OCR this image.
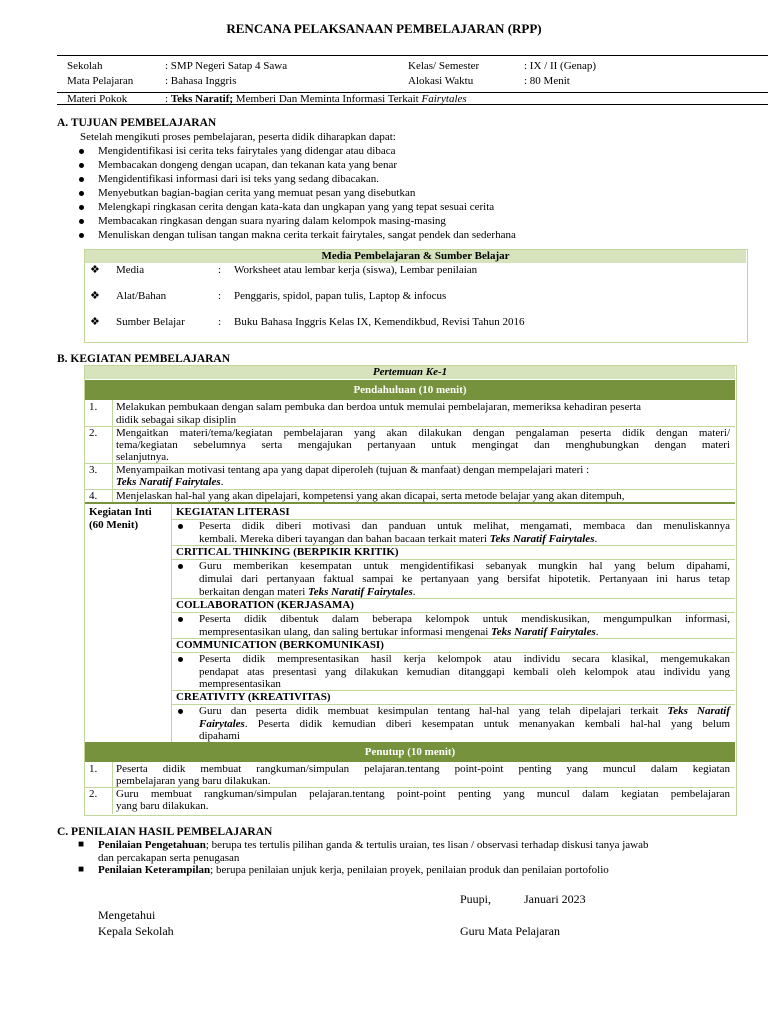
RENCANA PELAKSANAAN PEMBELAJARAN (RPP)
Sekolah	: SMP Negeri Satap 4 Sawa	Kelas/ Semester	: IX / II (Genap)
Mata Pelajaran	: Bahasa Inggris	Alokasi Waktu	: 80 Menit
Materi Pokok	: Teks Naratif; Memberi Dan Meminta Informasi Terkait Fairytales
A. TUJUAN PEMBELAJARAN
Setelah mengikuti proses pembelajaran, peserta didik diharapkan dapat:
Mengidentifikasi isi cerita teks fairytales yang didengar atau dibaca
Membacakan dongeng dengan ucapan, dan tekanan kata yang benar
Mengidentifikasi informasi dari isi teks yang sedang dibacakan.
Menyebutkan bagian-bagian cerita yang memuat pesan yang disebutkan
Melengkapi ringkasan cerita dengan kata-kata dan ungkapan yang yang tepat sesuai cerita
Membacakan ringkasan dengan suara nyaring dalam kelompok masing-masing
Menuliskan dengan tulisan tangan makna cerita terkait fairytales, sangat pendek dan sederhana
Media Pembelajaran & Sumber Belajar
❖ Media	: Worksheet atau lembar kerja (siswa), Lembar penilaian
❖ Alat/Bahan	: Penggaris, spidol, papan tulis, Laptop & infocus
❖ Sumber Belajar	: Buku Bahasa Inggris Kelas IX, Kemendikbud, Revisi Tahun 2016
B. KEGIATAN PEMBELAJARAN
Pertemuan Ke-1
Pendahuluan (10 menit)
1. Melakukan pembukaan dengan salam pembuka dan berdoa untuk memulai pembelajaran, memeriksa kehadiran peserta
didik sebagai sikap disiplin
2. Mengaitkan materi/tema/kegiatan pembelajaran yang akan dilakukan dengan pengalaman peserta didik dengan materi/
tema/kegiatan sebelumnya serta mengajukan pertanyaan untuk mengingat dan menghubungkan dengan materi
selanjutnya.
3. Menyampaikan motivasi tentang apa yang dapat diperoleh (tujuan & manfaat) dengan mempelajari materi :
Teks Naratif Fairytales.
4. Menjelaskan hal-hal yang akan dipelajari, kompetensi yang akan dicapai, serta metode belajar yang akan ditempuh,
Kegiatan Inti
(60 Menit)
KEGIATAN LITERASI
Peserta didik diberi motivasi dan panduan untuk melihat, mengamati, membaca dan menuliskannya
kembali. Mereka diberi tayangan dan bahan bacaan terkait materi Teks Naratif Fairytales.
CRITICAL THINKING (BERPIKIR KRITIK)
Guru memberikan kesempatan untuk mengidentifikasi sebanyak mungkin hal yang belum dipahami,
dimulai dari pertanyaan faktual sampai ke pertanyaan yang bersifat hipotetik. Pertanyaan ini harus tetap
berkaitan dengan materi Teks Naratif Fairytales.
COLLABORATION (KERJASAMA)
Peserta didik dibentuk dalam beberapa kelompok untuk mendiskusikan, mengumpulkan informasi,
mempresentasikan ulang, dan saling bertukar informasi mengenai Teks Naratif Fairytales.
COMMUNICATION (BERKOMUNIKASI)
Peserta didik mempresentasikan hasil kerja kelompok atau individu secara klasikal, mengemukakan
pendapat atas presentasi yang dilakukan kemudian ditanggapi kembali oleh kelompok atau individu yang
mempresentasikan
CREATIVITY (KREATIVITAS)
Guru dan peserta didik membuat kesimpulan tentang hal-hal yang telah dipelajari terkait Teks Naratif
Fairytales. Peserta didik kemudian diberi kesempatan untuk menanyakan kembali hal-hal yang belum
dipahami
Penutup (10 menit)
1. Peserta didik membuat rangkuman/simpulan pelajaran.tentang point-point penting yang muncul dalam kegiatan
pembelajaran yang baru dilakukan.
2. Guru membuat rangkuman/simpulan pelajaran.tentang point-point penting yang muncul dalam kegiatan pembelajaran
yang baru dilakukan.
C. PENILAIAN HASIL PEMBELAJARAN
■ Penilaian Pengetahuan; berupa tes tertulis pilihan ganda & tertulis uraian, tes lisan / observasi terhadap diskusi tanya jawab
dan percakapan serta penugasan
■ Penilaian Keterampilan; berupa penilaian unjuk kerja, penilaian proyek, penilaian produk dan penilaian portofolio
Puupi,	Januari 2023
Mengetahui
Kepala Sekolah	Guru Mata Pelajaran
